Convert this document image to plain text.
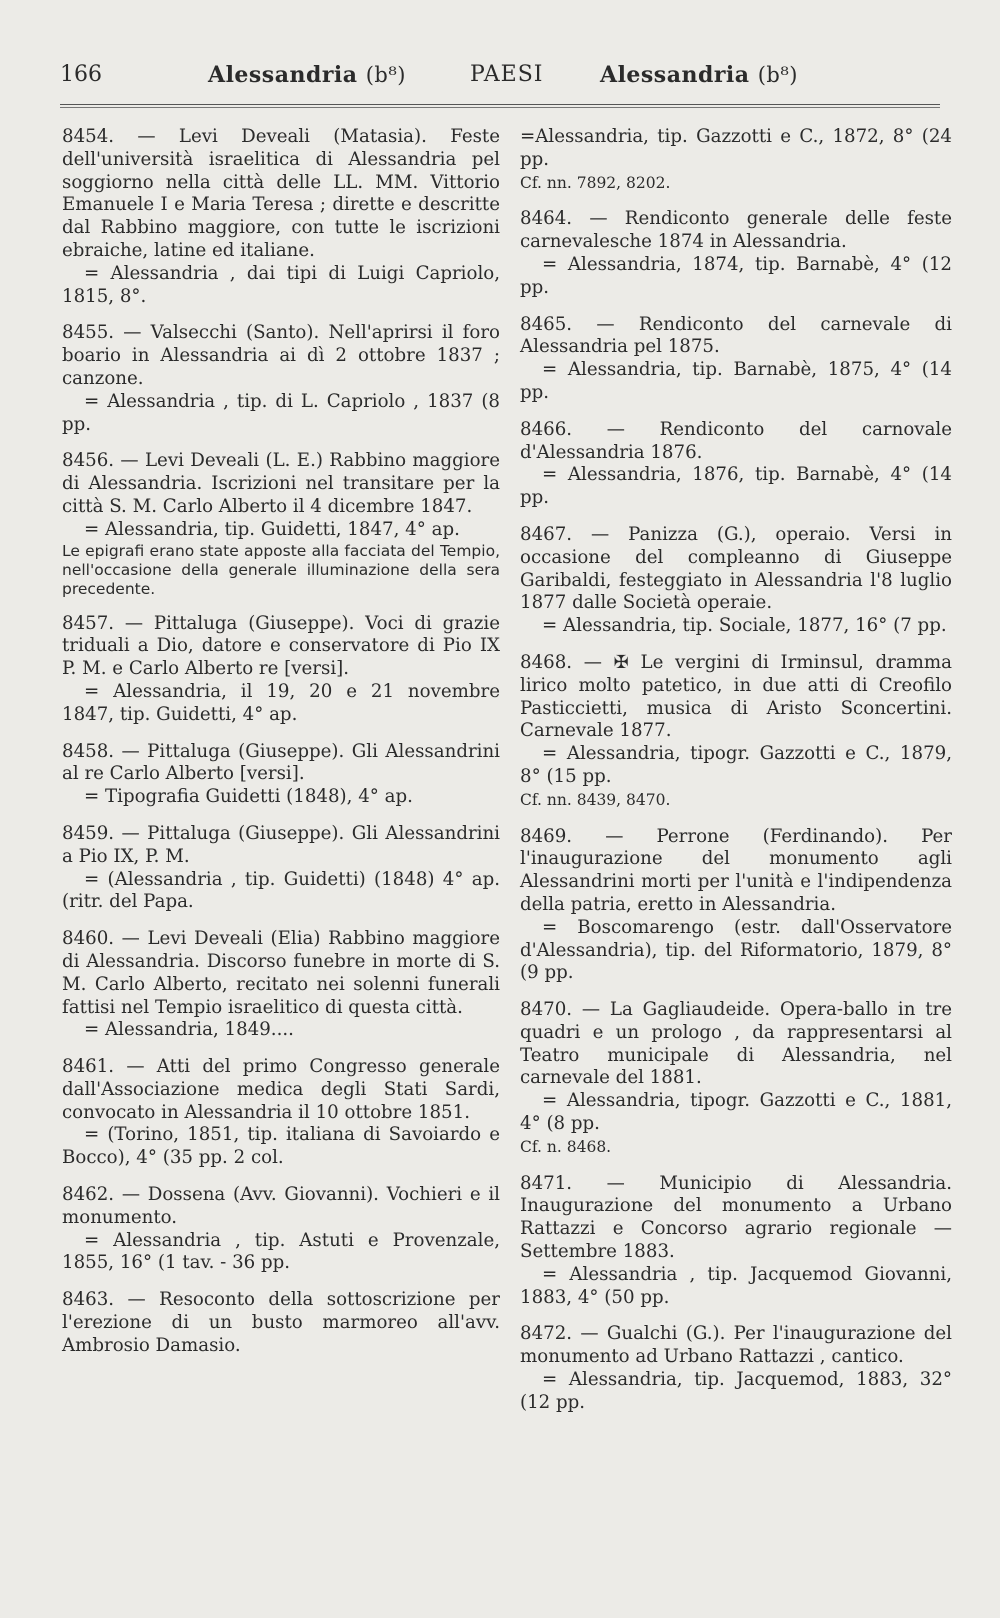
166	Alessandria (b⁸)	PAESI	Alessandria (b⁸)

8454. — Levi Deveali (Matasia). Feste dell'università israelitica di Alessandria pel soggiorno nella città delle LL. MM. Vittorio Emanuele I e Maria Teresa ; dirette e descritte dal Rabbino maggiore, con tutte le iscrizioni ebraiche, latine ed italiane.

= Alessandria , dai tipi di Luigi Capriolo, 1815, 8°.

8455. — Valsecchi (Santo). Nell'aprirsi il foro boario in Alessandria ai dì 2 ottobre 1837 ; canzone.

= Alessandria , tip. di L. Capriolo , 1837 (8 pp.

8456. — Levi Deveali (L. E.) Rabbino maggiore di Alessandria. Iscrizioni nel transitare per la città S. M. Carlo Alberto il 4 dicembre 1847.

= Alessandria, tip. Guidetti, 1847, 4° ap.

Le epigrafi erano state apposte alla facciata del Tempio, nell'occasione della generale illuminazione della sera precedente.

8457. — Pittaluga (Giuseppe). Voci di grazie triduali a Dio, datore e conservatore di Pio IX P. M. e Carlo Alberto re [versi].

= Alessandria, il 19, 20 e 21 novembre 1847, tip. Guidetti, 4° ap.

8458. — Pittaluga (Giuseppe). Gli Alessandrini al re Carlo Alberto [versi].

= Tipografia Guidetti (1848), 4° ap.

8459. — Pittaluga (Giuseppe). Gli Alessandrini a Pio IX, P. M.

= (Alessandria , tip. Guidetti) (1848) 4° ap. (ritr. del Papa.

8460. — Levi Deveali (Elia) Rabbino maggiore di Alessandria. Discorso funebre in morte di S. M. Carlo Alberto, recitato nei solenni funerali fattisi nel Tempio israelitico di questa città.

= Alessandria, 1849....

8461. — Atti del primo Congresso generale dall'Associazione medica degli Stati Sardi, convocato in Alessandria il 10 ottobre 1851.

= (Torino, 1851, tip. italiana di Savoiardo e Bocco), 4° (35 pp. 2 col.

8462. — Dossena (Avv. Giovanni). Vochieri e il monumento.

= Alessandria , tip. Astuti e Provenzale, 1855, 16° (1 tav. - 36 pp.

8463. — Resoconto della sottoscrizione per l'erezione di un busto marmoreo all'avv. Ambrosio Damasio.

=Alessandria, tip. Gazzotti e C., 1872, 8° (24 pp.

Cf. nn. 7892, 8202.

8464. — Rendiconto generale delle feste carnevalesche 1874 in Alessandria.

= Alessandria, 1874, tip. Barnabè, 4° (12 pp.

8465. — Rendiconto del carnevale di Alessandria pel 1875.

= Alessandria, tip. Barnabè, 1875, 4° (14 pp.

8466. — Rendiconto del carnovale d'Alessandria 1876.

= Alessandria, 1876, tip. Barnabè, 4° (14 pp.

8467. — Panizza (G.), operaio. Versi in occasione del compleanno di Giuseppe Garibaldi, festeggiato in Alessandria l'8 luglio 1877 dalle Società operaie.

= Alessandria, tip. Sociale, 1877, 16° (7 pp.

8468. — ✠ Le vergini di Irminsul, dramma lirico molto patetico, in due atti di Creofilo Pasticcietti, musica di Aristo Sconcertini. Carnevale 1877.

= Alessandria, tipogr. Gazzotti e C., 1879, 8° (15 pp.

Cf. nn. 8439, 8470.

8469. — Perrone (Ferdinando). Per l'inaugurazione del monumento agli Alessandrini morti per l'unità e l'indipendenza della patria, eretto in Alessandria.

= Boscomarengo (estr. dall'Osservatore d'Alessandria), tip. del Riformatorio, 1879, 8° (9 pp.

8470. — La Gagliaudeide. Opera-ballo in tre quadri e un prologo , da rappresentarsi al Teatro municipale di Alessandria, nel carnevale del 1881.

= Alessandria, tipogr. Gazzotti e C., 1881, 4° (8 pp.

Cf. n. 8468.

8471. — Municipio di Alessandria. Inaugurazione del monumento a Urbano Rattazzi e Concorso agrario regionale — Settembre 1883.

= Alessandria , tip. Jacquemod Giovanni, 1883, 4° (50 pp.

8472. — Gualchi (G.). Per l'inaugurazione del monumento ad Urbano Rattazzi , cantico.

= Alessandria, tip. Jacquemod, 1883, 32° (12 pp.
